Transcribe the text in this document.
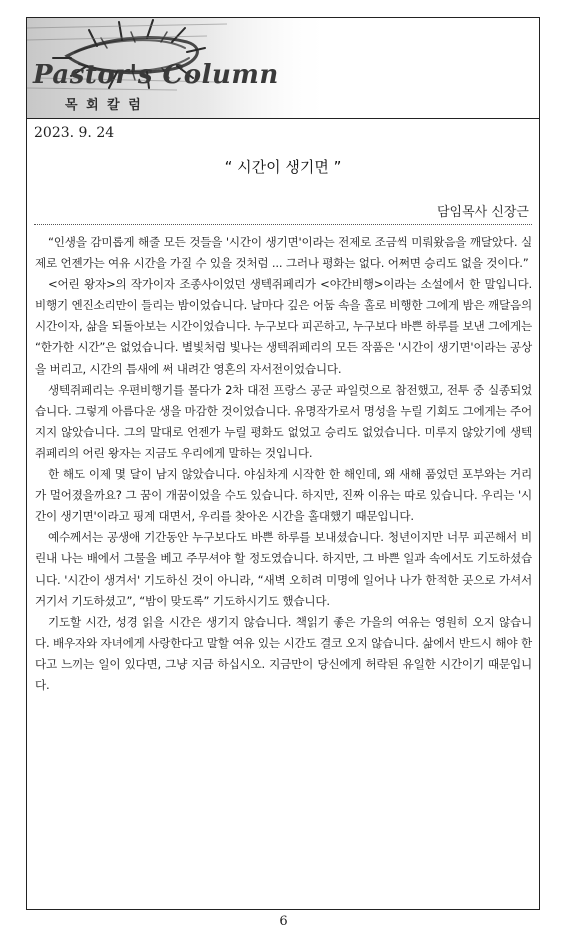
Pastor's Column
목 회 칼 럼
2023. 9. 24
“ 시간이 생기면 ”
담임목사 신장근

“인생을 감미롭게 해줄 모든 것들을 '시간이 생기면'이라는 전제로 조금씩 미뤄왔음을 깨달았다. 실제로 언젠가는 여유 시간을 가질 수 있을 것처럼 ... 그러나 평화는 없다. 어쩌면 승리도 없을 것이다.”

<어린 왕자>의 작가이자 조종사이었던 생텍쥐페리가 <야간비행>이라는 소설에서 한 말입니다. 비행기 엔진소리만이 들리는 밤이었습니다. 날마다 깊은 어둠 속을 홀로 비행한 그에게 밤은 깨달음의 시간이자, 삶을 되돌아보는 시간이었습니다. 누구보다 피곤하고, 누구보다 바쁜 하루를 보낸 그에게는 “한가한 시간”은 없었습니다. 별빛처럼 빛나는 생텍쥐페리의 모든 작품은 '시간이 생기면'이라는 공상을 버리고, 시간의 틈새에 써 내려간 영혼의 자서전이었습니다.

생텍쥐페리는 우편비행기를 몰다가 2차 대전 프랑스 공군 파일럿으로 참전했고, 전투 중 실종되었습니다. 그렇게 아름다운 생을 마감한 것이었습니다. 유명작가로서 명성을 누릴 기회도 그에게는 주어지지 않았습니다. 그의 말대로 언젠가 누릴 평화도 없었고 승리도 없었습니다. 미루지 않았기에 생텍쥐페리의 어린 왕자는 지금도 우리에게 말하는 것입니다.

한 해도 이제 몇 달이 남지 않았습니다. 야심차게 시작한 한 해인데, 왜 새해 품었던 포부와는 거리가 멀어졌을까요? 그 꿈이 개꿈이었을 수도 있습니다. 하지만, 진짜 이유는 따로 있습니다. 우리는 '시간이 생기면'이라고 핑계 대면서, 우리를 찾아온 시간을 홀대했기 때문입니다.

예수께서는 공생애 기간동안 누구보다도 바쁜 하루를 보내셨습니다. 청년이지만 너무 피곤해서 비린내 나는 배에서 그물을 베고 주무셔야 할 정도였습니다. 하지만, 그 바쁜 일과 속에서도 기도하셨습니다. '시간이 생겨서' 기도하신 것이 아니라, “새벽 오히려 미명에 일어나 나가 한적한 곳으로 가셔서 거기서 기도하셨고”, “밤이 맞도록” 기도하시기도 했습니다.

기도할 시간, 성경 읽을 시간은 생기지 않습니다. 책읽기 좋은 가을의 여유는 영원히 오지 않습니다. 배우자와 자녀에게 사랑한다고 말할 여유 있는 시간도 결코 오지 않습니다. 삶에서 반드시 해야 한다고 느끼는 일이 있다면, 그냥 지금 하십시오. 지금만이 당신에게 허락된 유일한 시간이기 때문입니다.

6
